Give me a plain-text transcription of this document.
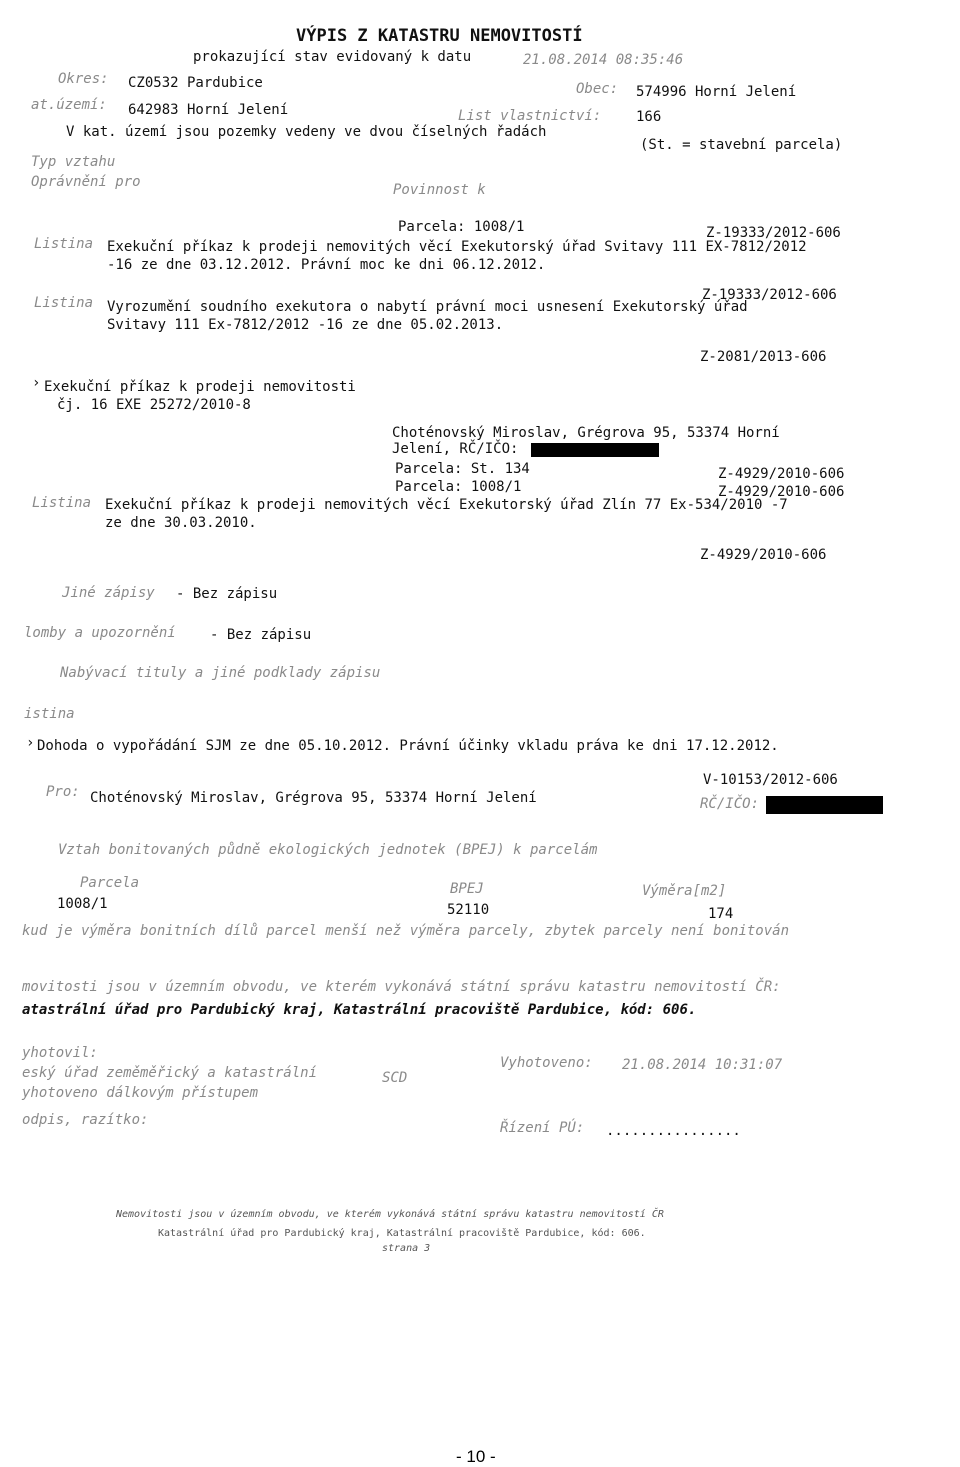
VÝPIS Z KATASTRU NEMOVITOSTÍ
prokazující stav evidovaný k datu	21.08.2014 08:35:46
Okres: CZ0532 Pardubice	Obec: 574996 Horní Jelení
at.území: 642983 Horní Jelení	List vlastnictví: 166
V kat. území jsou pozemky vedeny ve dvou číselných řadách
(St. = stavební parcela)
Typ vztahu
Oprávnění pro	Povinnost k
Parcela: 1008/1	Z-19333/2012-606
Listina Exekuční příkaz k prodeji nemovitých věcí Exekutorský úřad Svitavy 111 EX-7812/2012
-16 ze dne 03.12.2012. Právní moc ke dni 06.12.2012.
Z-19333/2012-606
Listina Vyrozumění soudního exekutora o nabytí právní moci usnesení Exekutorský úřad
Svitavy 111 Ex-7812/2012 -16 ze dne 05.02.2013.
Z-2081/2013-606
› Exekuční příkaz k prodeji nemovitosti
čj. 16 EXE 25272/2010-8
Choténovský Miroslav, Grégrova 95, 53374 Horní
Jelení, RČ/IČO:
Parcela: St. 134	Z-4929/2010-606
Parcela: 1008/1	Z-4929/2010-606
Listina Exekuční příkaz k prodeji nemovitých věcí Exekutorský úřad Zlín 77 Ex-534/2010 -7
ze dne 30.03.2010.
Z-4929/2010-606
Jiné zápisy - Bez zápisu
lomby a upozornění - Bez zápisu
Nabývací tituly a jiné podklady zápisu
istina
› Dohoda o vypořádání SJM ze dne 05.10.2012. Právní účinky vkladu práva ke dni 17.12.2012.
V-10153/2012-606
Pro: Choténovský Miroslav, Grégrova 95, 53374 Horní Jelení	RČ/IČO:
Vztah bonitovaných půdně ekologických jednotek (BPEJ) k parcelám
Parcela	BPEJ	Výměra[m2]
1008/1	52110	174
kud je výměra bonitních dílů parcel menší než výměra parcely, zbytek parcely není bonitován
movitosti jsou v územním obvodu, ve kterém vykonává státní správu katastru nemovitostí ČR:
atastrální úřad pro Pardubický kraj, Katastrální pracoviště Pardubice, kód: 606.
yhotovil:
eský úřad zeměměřický a katastrální	SCD
yhotoveno dálkovým přístupem
odpis, razítko:
Vyhotoveno: 21.08.2014 10:31:07
Řízení PÚ: ................
Nemovitosti jsou v územním obvodu, ve kterém vykonává státní správu katastru nemovitostí ČR
Katastrální úřad pro Pardubický kraj, Katastrální pracoviště Pardubice, kód: 606.
strana 3
- 10 -
